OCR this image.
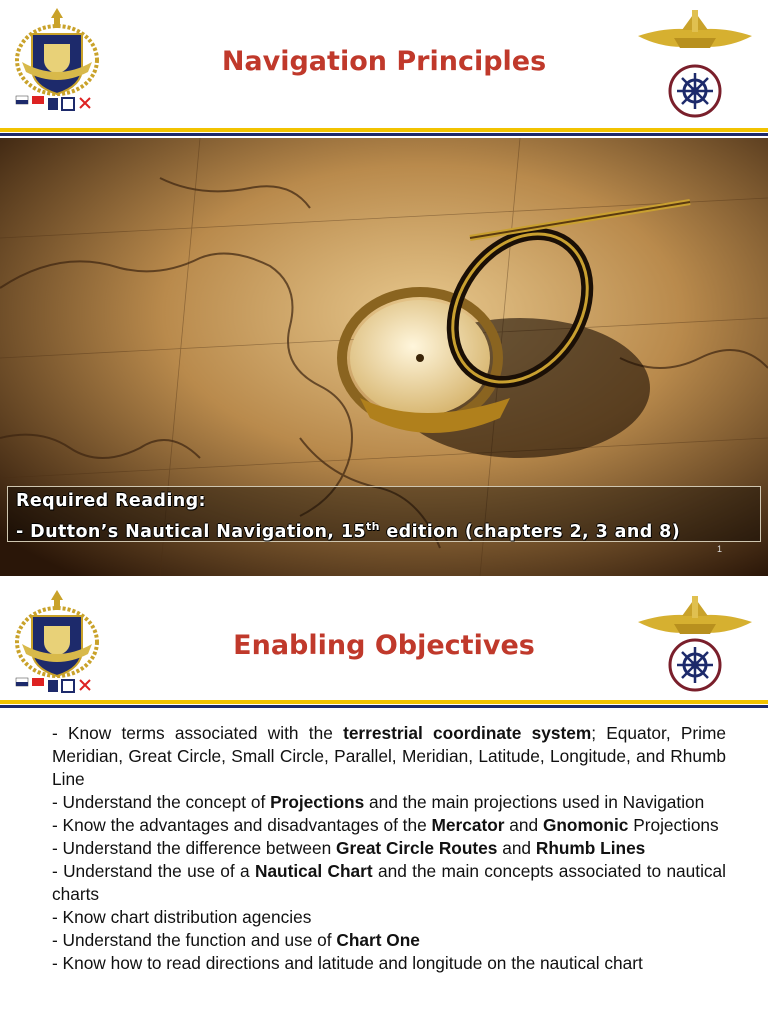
Navigation Principles
Required Reading:
- Dutton’s Nautical Navigation, 15th edition (chapters 2, 3 and 8)
1
Enabling Objectives

- Know terms associated with the terrestrial coordinate system; Equator, Prime Meridian, Great Circle, Small Circle, Parallel, Meridian, Latitude, Longitude, and Rhumb Line

- Understand the concept of Projections and the main projections used in Navigation

- Know the advantages and disadvantages of the Mercator and Gnomonic Projections

- Understand the difference between Great Circle Routes and Rhumb Lines

- Understand the use of a Nautical Chart and the main concepts associated to nautical charts

- Know chart distribution agencies

- Understand the function and use of Chart One

- Know how to read directions and latitude and longitude on the nautical chart
